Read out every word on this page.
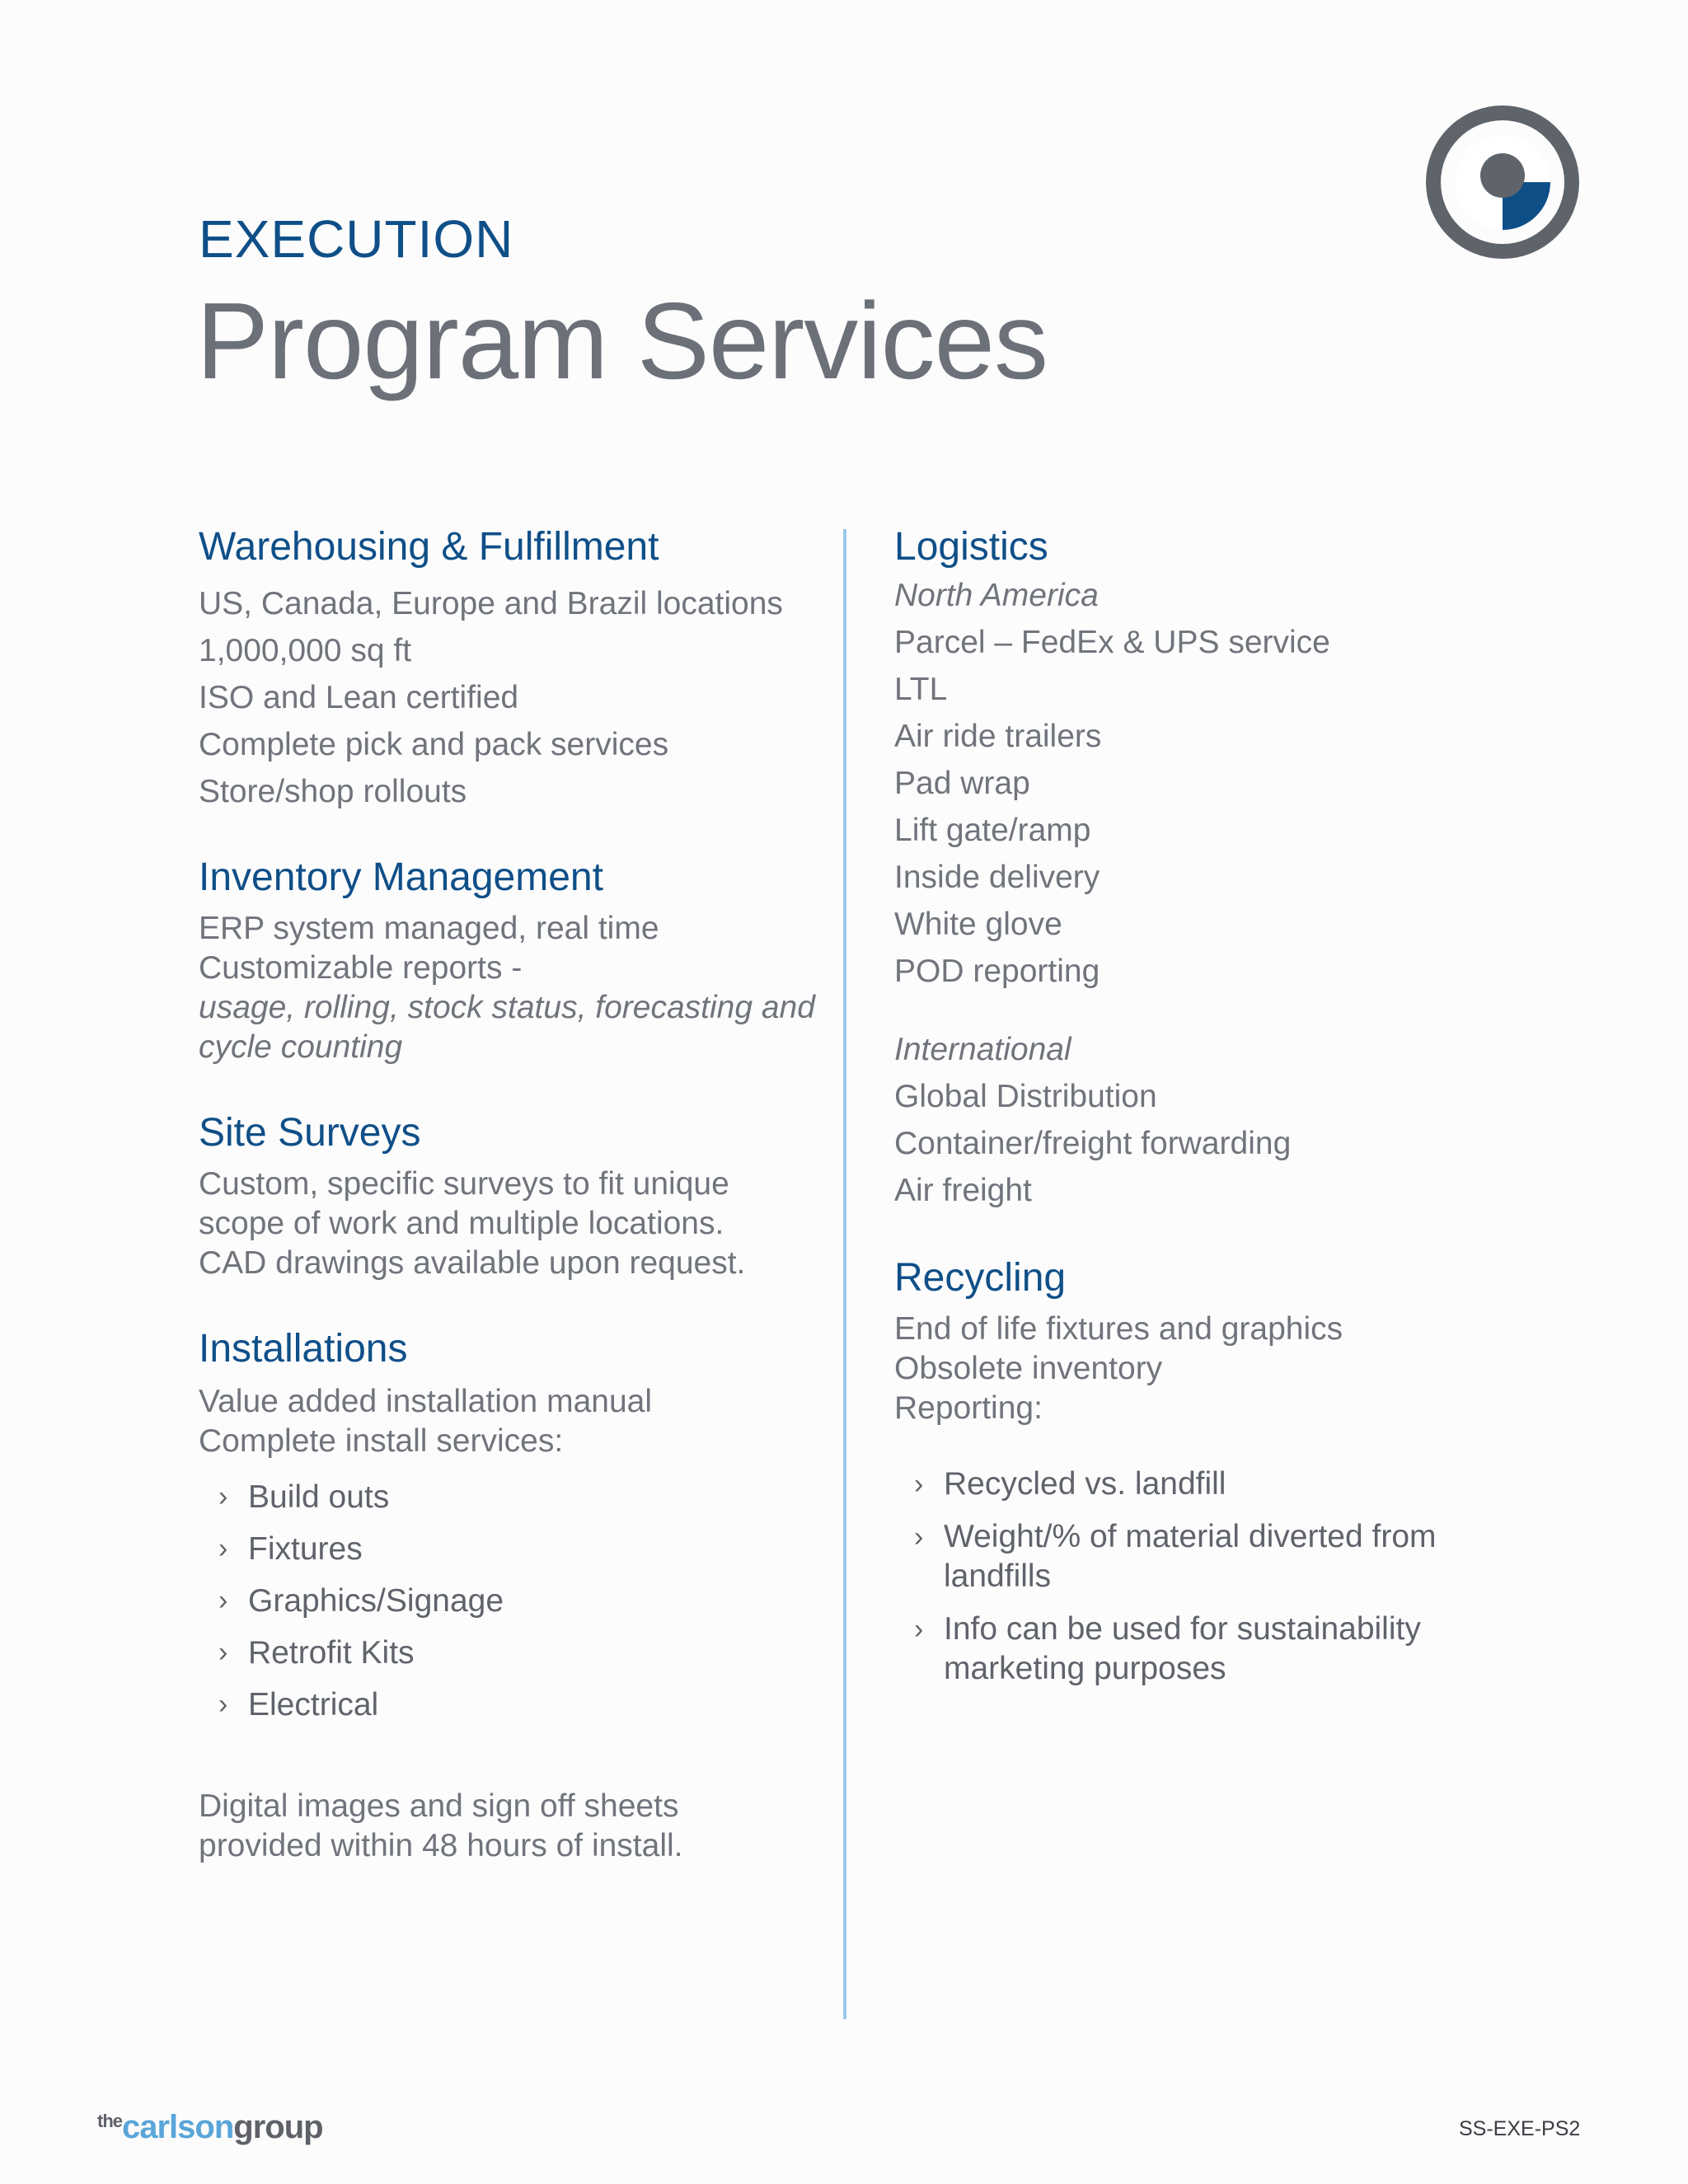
EXECUTION
Program Services
Warehousing & Fulfillment

US, Canada, Europe and Brazil locations

1,000,000 sq ft

ISO and Lean certified

Complete pick and pack services

Store/shop rollouts

Inventory Management

ERP system managed, real time

Customizable reports -

usage, rolling, stock status, forecasting and

cycle counting

Site Surveys

Custom, specific surveys to fit unique

scope of work and multiple locations.

CAD drawings available upon request.

Installations

Value added installation manual

Complete install services:

› Build outs
› Fixtures
› Graphics/Signage
› Retrofit Kits
› Electrical

Digital images and sign off sheets

provided within 48 hours of install.

Logistics

North America

Parcel – FedEx & UPS service

LTL

Air ride trailers

Pad wrap

Lift gate/ramp

Inside delivery

White glove

POD reporting

International

Global Distribution

Container/freight forwarding

Air freight

Recycling

End of life fixtures and graphics

Obsolete inventory

Reporting:

› Recycled vs. landfill
› Weight/% of material diverted from
landfills
› Info can be used for sustainability
marketing purposes
$^{the}$carlsongroup	SS-EXE-PS2
